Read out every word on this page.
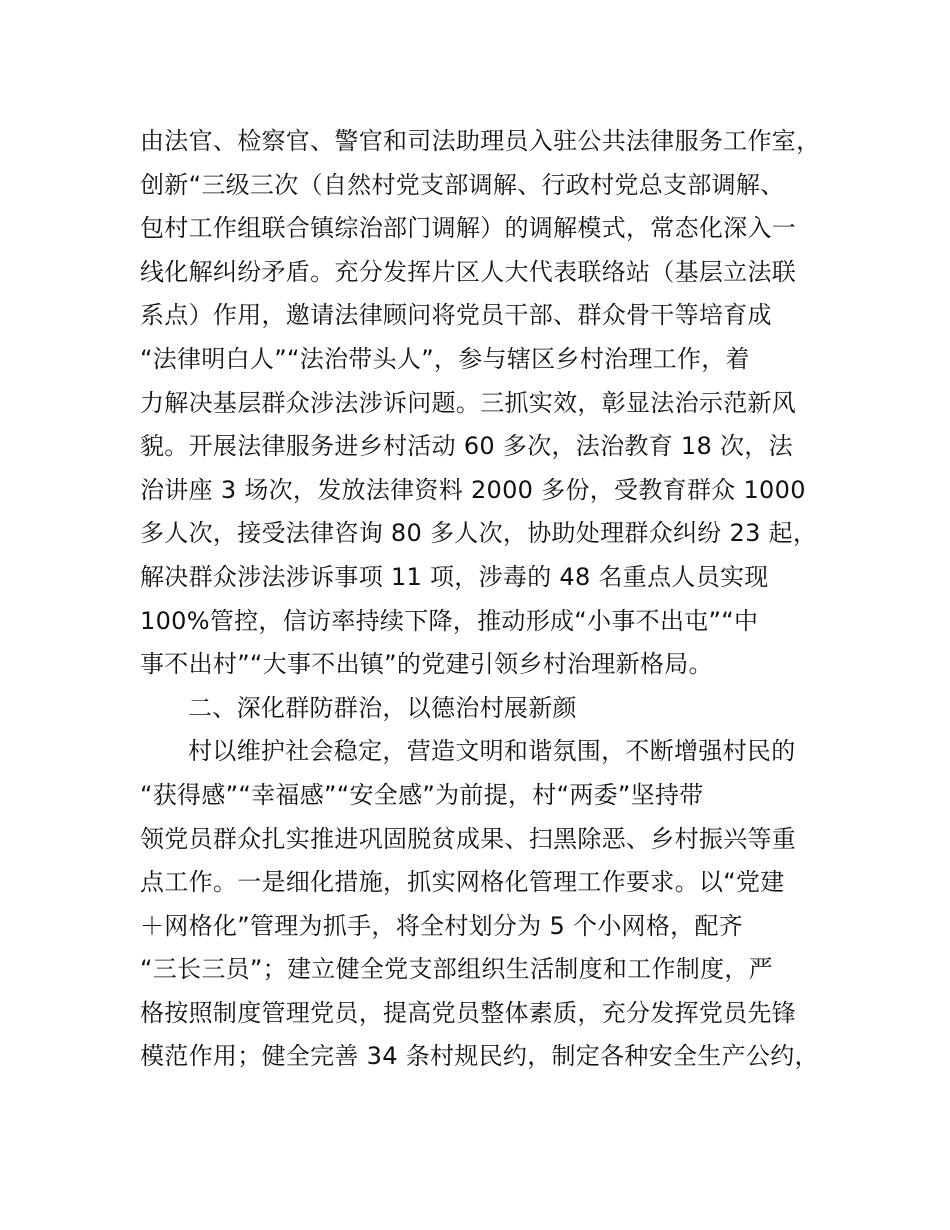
由法官、检察官、警官和司法助理员入驻公共法律服务工作室，
创新“三级三次（自然村党支部调解、行政村党总支部调解、
包村工作组联合镇综治部门调解）的调解模式，常态化深入一
线化解纠纷矛盾。充分发挥片区人大代表联络站（基层立法联
系点）作用，邀请法律顾问将党员干部、群众骨干等培育成
“法律明白人”“法治带头人”，参与辖区乡村治理工作，着
力解决基层群众涉法涉诉问题。三抓实效，彰显法治示范新风
貌。开展法律服务进乡村活动 60 多次，法治教育 18 次，法
治讲座 3 场次，发放法律资料 2000 多份，受教育群众 1000
多人次，接受法律咨询 80 多人次，协助处理群众纠纷 23 起，
解决群众涉法涉诉事项 11 项，涉毒的 48 名重点人员实现
100%管控，信访率持续下降，推动形成“小事不出屯”“中
事不出村”“大事不出镇”的党建引领乡村治理新格局。
二、深化群防群治，以德治村展新颜
村以维护社会稳定，营造文明和谐氛围，不断增强村民的
“获得感”“幸福感”“安全感”为前提，村“两委”坚持带
领党员群众扎实推进巩固脱贫成果、扫黑除恶、乡村振兴等重
点工作。一是细化措施，抓实网格化管理工作要求。以“党建
＋网格化”管理为抓手，将全村划分为 5 个小网格，配齐
“三长三员”；建立健全党支部组织生活制度和工作制度，严
格按照制度管理党员，提高党员整体素质，充分发挥党员先锋
模范作用；健全完善 34 条村规民约，制定各种安全生产公约，
